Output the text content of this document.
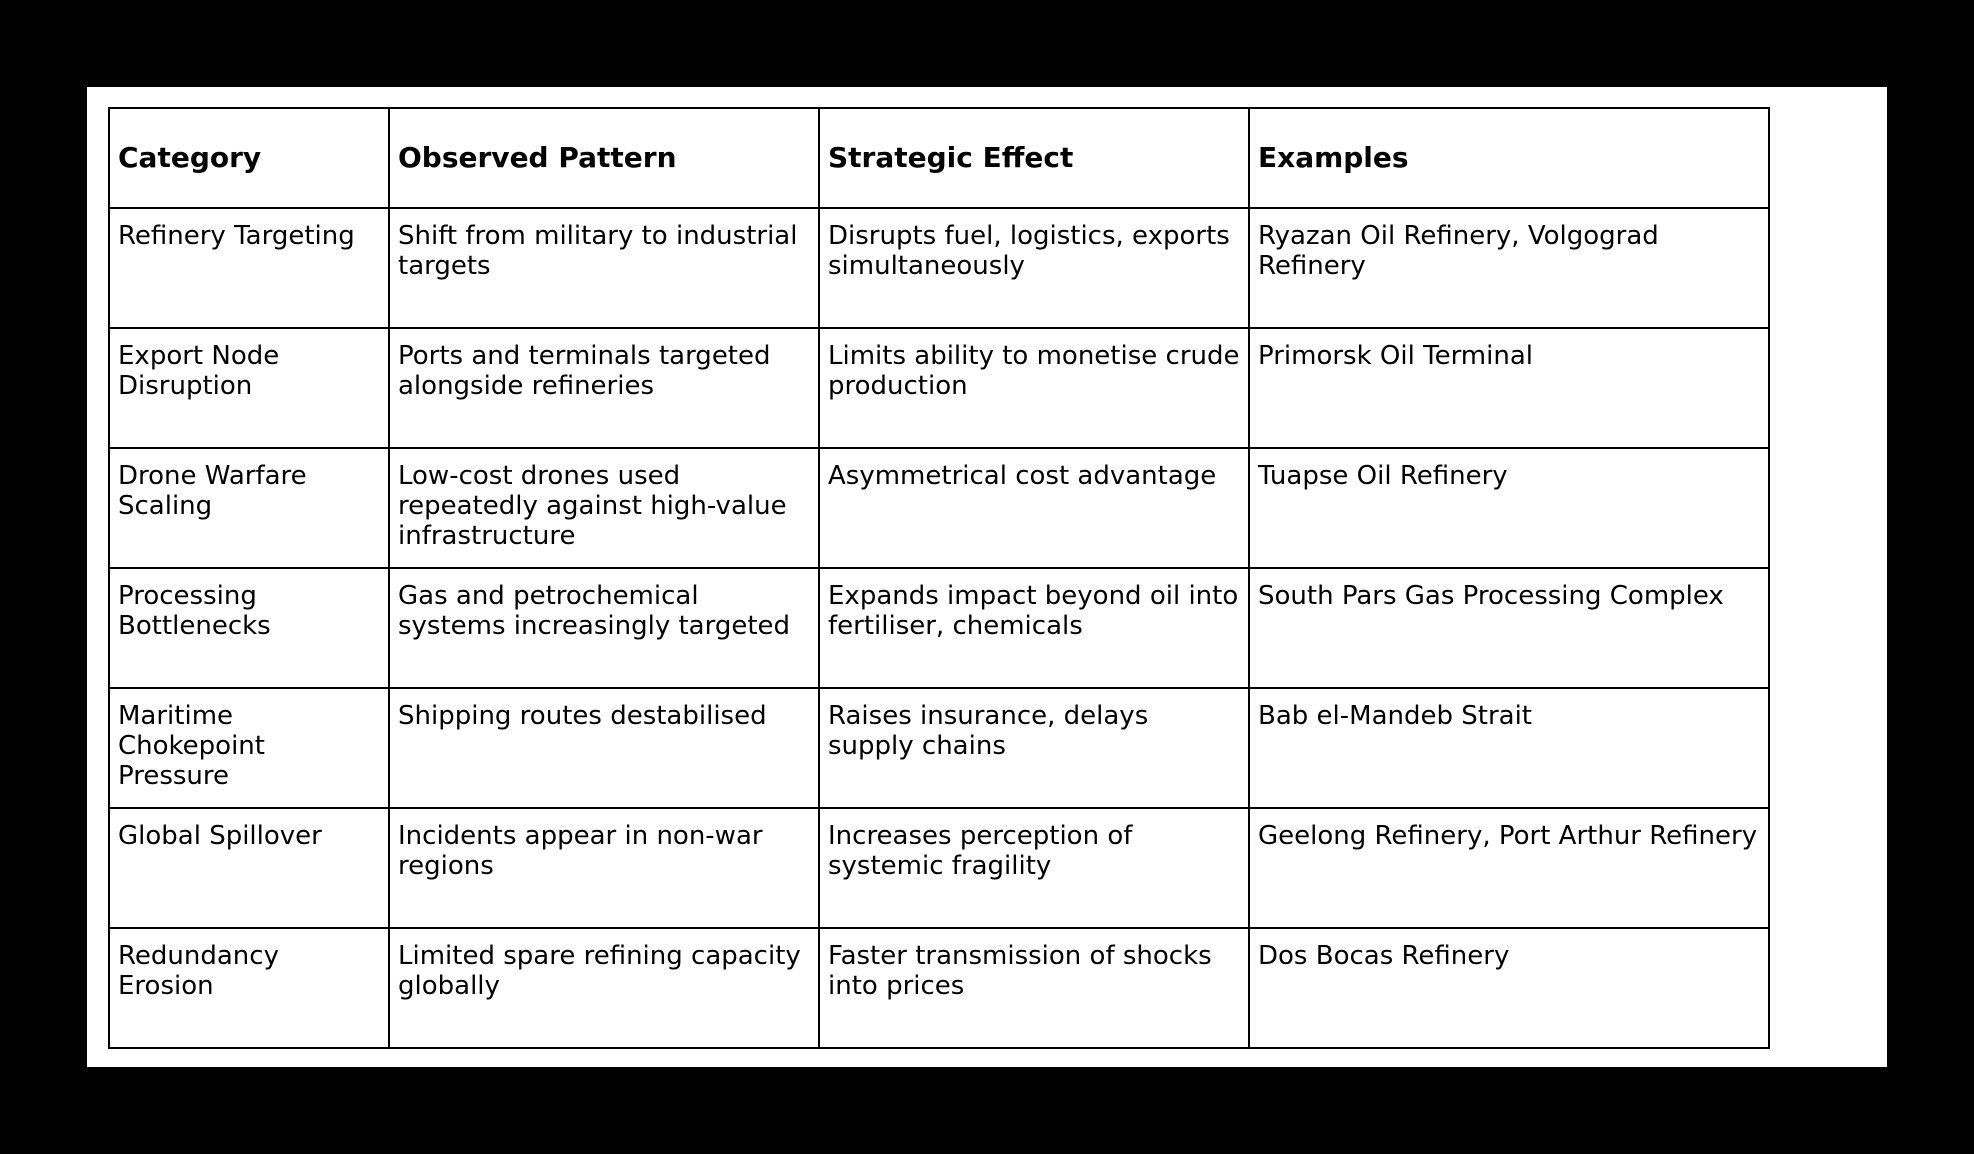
Category	Observed Pattern	Strategic Effect	Examples
Refinery Targeting	Shift from military to industrial targets	Disrupts fuel, logistics, exports simultaneously	Ryazan Oil Refinery, Volgograd Refinery
Export Node Disruption	Ports and terminals targeted alongside refineries	Limits ability to monetise crude production	Primorsk Oil Terminal
Drone Warfare Scaling	Low-cost drones used repeatedly against high-value infrastructure	Asymmetrical cost advantage	Tuapse Oil Refinery
Processing Bottlenecks	Gas and petrochemical systems increasingly targeted	Expands impact beyond oil into fertiliser, chemicals	South Pars Gas Processing Complex
Maritime Chokepoint Pressure	Shipping routes destabilised	Raises insurance, delays supply chains	Bab el-Mandeb Strait
Global Spillover	Incidents appear in non-war regions	Increases perception of systemic fragility	Geelong Refinery, Port Arthur Refinery
Redundancy Erosion	Limited spare refining capacity globally	Faster transmission of shocks into prices	Dos Bocas Refinery
